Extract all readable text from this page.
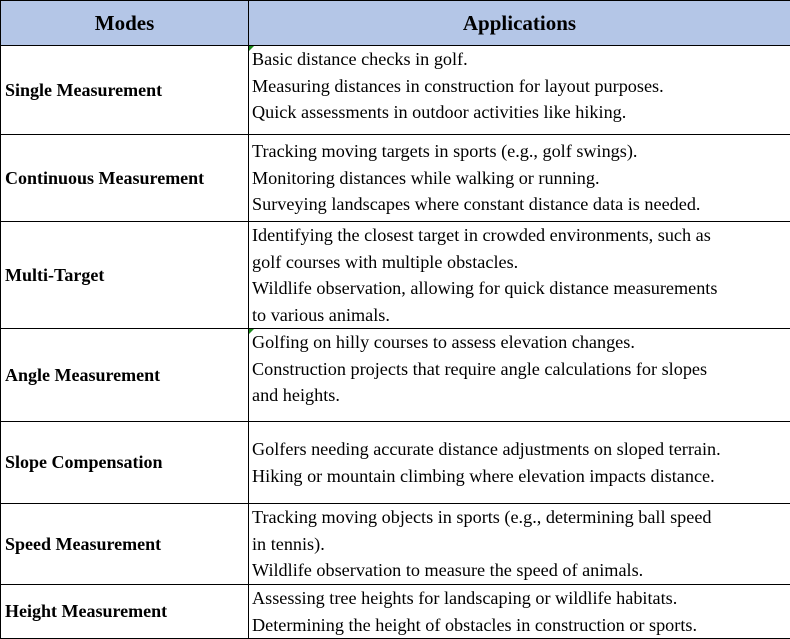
Modes	Applications
Single Measurement	Basic distance checks in golf.
Measuring distances in construction for layout purposes.
Quick assessments in outdoor activities like hiking.

Continuous Measurement	Tracking moving targets in sports (e.g., golf swings).
Monitoring distances while walking or running.
Surveying landscapes where constant distance data is needed.

Multi-Target	Identifying the closest target in crowded environments, such as
golf courses with multiple obstacles.
Wildlife observation, allowing for quick distance measurements
to various animals.

Angle Measurement	Golfing on hilly courses to assess elevation changes.
Construction projects that require angle calculations for slopes
and heights.

Slope Compensation	Golfers needing accurate distance adjustments on sloped terrain.
Hiking or mountain climbing where elevation impacts distance.

Speed Measurement	Tracking moving objects in sports (e.g., determining ball speed
in tennis).
Wildlife observation to measure the speed of animals.

Height Measurement	Assessing tree heights for landscaping or wildlife habitats.
Determining the height of obstacles in construction or sports.
